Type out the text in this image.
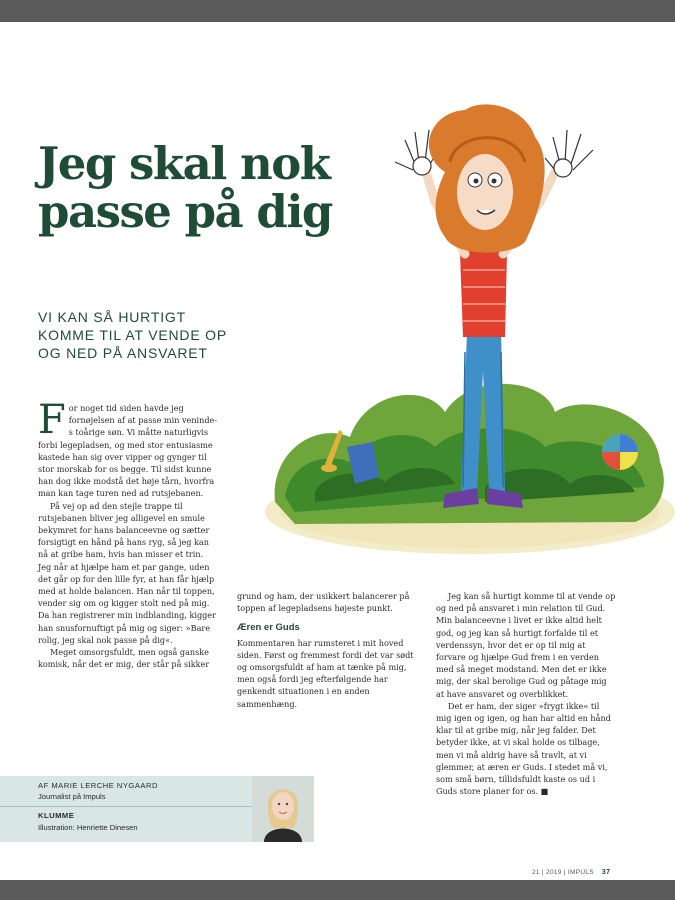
Jeg skal nok
passe på dig

VI KAN SÅ HURTIGT
KOMME TIL AT VENDE OP
OG NED PÅ ANSVARET

For noget tid siden havde jeg fornøjelsen af at passe min venindes toårige søn. Vi måtte naturligvis forbi legepladsen, og med stor entusiasme kastede han sig over vipper og gynger til stor morskab for os begge. Til sidst kunne han dog ikke modstå det høje tårn, hvorfra man kan tage turen ned ad rutsjebanen.

På vej op ad den stejle trappe til rutsjebanen bliver jeg alligevel en smule bekymret for hans balanceevne og sætter forsigtigt en hånd på hans ryg, så jeg kan nå at gribe ham, hvis han misser et trin. Jeg når at hjælpe ham et par gange, uden det går op for den lille fyr, at han får hjælp med at holde balancen. Han når til toppen, vender sig om og kigger stolt ned på mig. Da han registrerer min indblanding, kigger han snusfornuftigt på mig og siger: »Bare rolig, jeg skal nok passe på dig«.

Meget omsorgsfuldt, men også ganske komisk, når det er mig, der står på sikker

grund og ham, der usikkert balancerer på toppen af legepladsens højeste punkt.

Æren er Guds

Kommentaren har rumsteret i mit hoved siden. Først og fremmest fordi det var sødt og omsorgsfuldt af ham at tænke på mig, men også fordi jeg efterfølgende har genkendt situationen i en anden sammenhæng.

Jeg kan så hurtigt komme til at vende op og ned på ansvaret i min relation til Gud. Min balanceevne i livet er ikke altid helt god, og jeg kan så hurtigt forfalde til et verdenssyn, hvor det er op til mig at forvare og hjælpe Gud frem i en verden med så meget modstand. Men det er ikke mig, der skal berolige Gud og påtage mig at have ansvaret og overblikket.

Det er ham, der siger »frygt ikke« til mig igen og igen, og han har altid en hånd klar til at gribe mig, når jeg falder. Det betyder ikke, at vi skal holde os tilbage, men vi må aldrig have så travlt, at vi glemmer, at æren er Guds. I stedet må vi, som små børn, tillidsfuldt kaste os ud i Guds store planer for os. ■

AF MARIE LERCHE NYGAARD
Journalist på Impuls
KLUMME
Illustration: Henriette Dinesen
21 | 2019 | IMPULS 37
